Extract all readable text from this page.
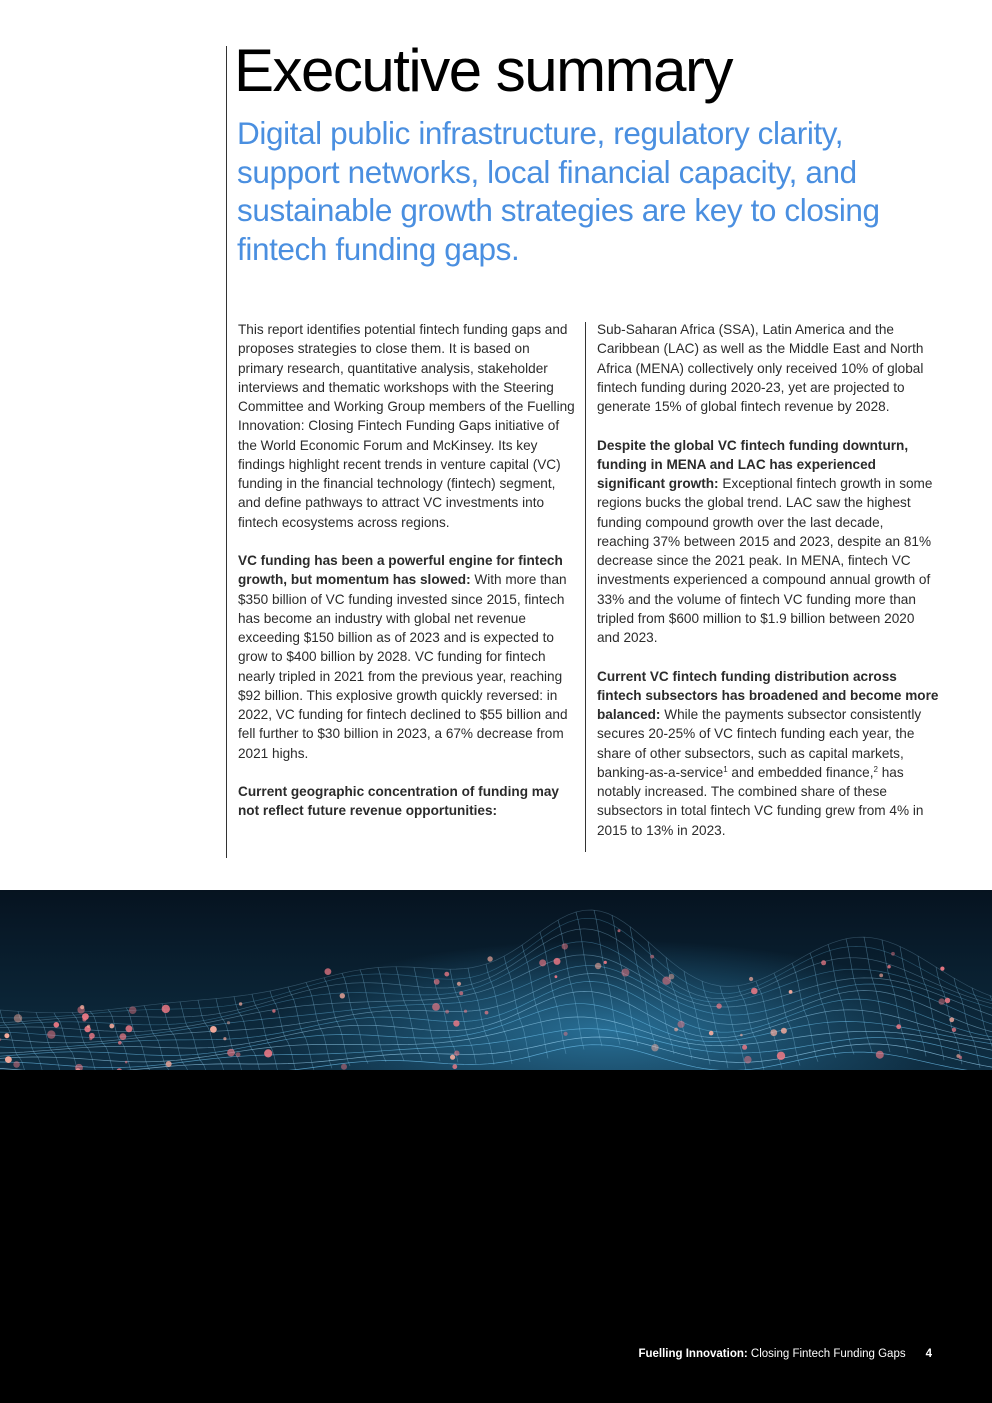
Executive summary
Digital public infrastructure, regulatory clarity, support networks, local financial capacity, and sustainable growth strategies are key to closing fintech funding gaps.

This report identifies potential fintech funding gaps and proposes strategies to close them. It is based on primary research, quantitative analysis, stakeholder interviews and thematic workshops with the Steering Committee and Working Group members of the Fuelling Innovation: Closing Fintech Funding Gaps initiative of the World Economic Forum and McKinsey. Its key findings highlight recent trends in venture capital (VC) funding in the financial technology (fintech) segment, and define pathways to attract VC investments into fintech ecosystems across regions.

VC funding has been a powerful engine for fintech growth, but momentum has slowed: With more than $350 billion of VC funding invested since 2015, fintech has become an industry with global net revenue exceeding $150 billion as of 2023 and is expected to grow to $400 billion by 2028. VC funding for fintech nearly tripled in 2021 from the previous year, reaching $92 billion. This explosive growth quickly reversed: in 2022, VC funding for fintech declined to $55 billion and fell further to $30 billion in 2023, a 67% decrease from 2021 highs.

Current geographic concentration of funding may not reflect future revenue opportunities:

Sub-Saharan Africa (SSA), Latin America and the Caribbean (LAC) as well as the Middle East and North Africa (MENA) collectively only received 10% of global fintech funding during 2020-23, yet are projected to generate 15% of global fintech revenue by 2028.

Despite the global VC fintech funding downturn, funding in MENA and LAC has experienced significant growth: Exceptional fintech growth in some regions bucks the global trend. LAC saw the highest funding compound growth over the last decade, reaching 37% between 2015 and 2023, despite an 81% decrease since the 2021 peak. In MENA, fintech VC investments experienced a compound annual growth of 33% and the volume of fintech VC funding more than tripled from $600 million to $1.9 billion between 2020 and 2023.

Current VC fintech funding distribution across fintech subsectors has broadened and become more balanced: While the payments subsector consistently secures 20-25% of VC fintech funding each year, the share of other subsectors, such as capital markets, banking-as-a-service$^1$ and embedded finance,$^2$ has notably increased. The combined share of these subsectors in total fintech VC funding grew from 4% in 2015 to 13% in 2023.

Fuelling Innovation: Closing Fintech Funding Gaps 4
